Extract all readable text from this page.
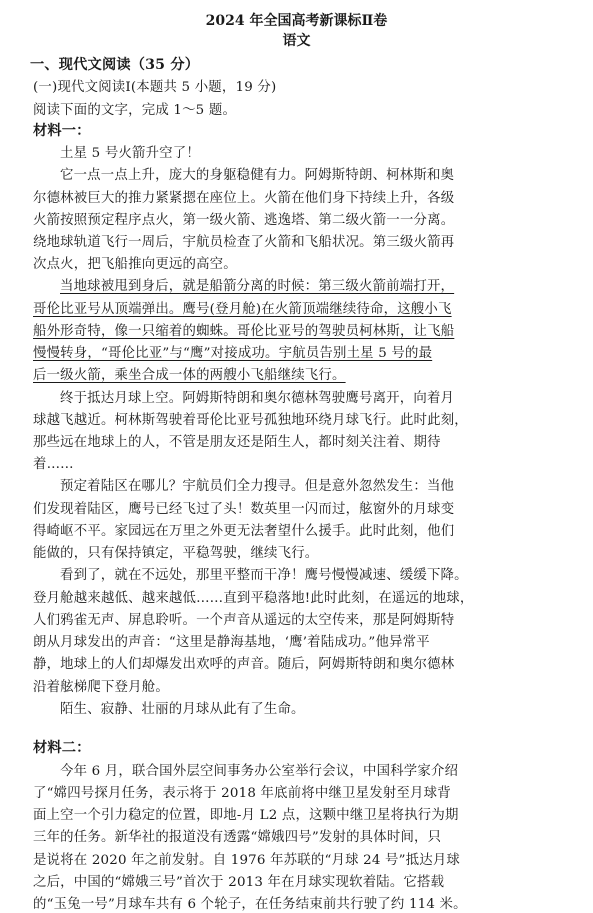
2024 年全国高考新课标Ⅱ卷
语文
一、现代文阅读（35 分）
(一)现代文阅读Ⅰ(本题共 5 小题，19 分)
阅读下面的文字，完成 1～5 题。
材料一：
土星 5 号火箭升空了！
它一点一点上升，庞大的身躯稳健有力。阿姆斯特朗、柯林斯和奥
尔德林被巨大的推力紧紧摁在座位上。火箭在他们身下持续上升，各级
火箭按照预定程序点火，第一级火箭、逃逸塔、第二级火箭一一分离。
绕地球轨道飞行一周后，宇航员检查了火箭和飞船状况。第三级火箭再
次点火，把飞船推向更远的高空。
当地球被甩到身后，就是船箭分离的时候：第三级火箭前端打开，
哥伦比亚号从顶端弹出。鹰号(登月舱)在火箭顶端继续待命，这艘小飞
船外形奇特，像一只缩着的蜘蛛。哥伦比亚号的驾驶员柯林斯，让飞船
慢慢转身，“哥伦比亚”与“鹰”对接成功。宇航员告别土星 5 号的最
后一级火箭，乘坐合成一体的两艘小飞船继续飞行。
终于抵达月球上空。阿姆斯特朗和奥尔德林驾驶鹰号离开，向着月
球越飞越近。柯林斯驾驶着哥伦比亚号孤独地环绕月球飞行。此时此刻，
那些远在地球上的人，不管是朋友还是陌生人，都时刻关注着、期待
着……
预定着陆区在哪儿？宇航员们全力搜寻。但是意外忽然发生：当他
们发现着陆区，鹰号已经飞过了头！数英里一闪而过，舷窗外的月球变
得崎岖不平。家园远在万里之外更无法奢望什么援手。此时此刻，他们
能做的，只有保持镇定，平稳驾驶，继续飞行。
看到了，就在不远处，那里平整而干净！鹰号慢慢减速、缓缓下降。
登月舱越来越低、越来越低……直到平稳落地!此时此刻，在遥远的地球，
人们鸦雀无声、屏息聆听。一个声音从遥远的太空传来，那是阿姆斯特
朗从月球发出的声音：“这里是静海基地，‘鹰’着陆成功。”他异常平
静，地球上的人们却爆发出欢呼的声音。随后，阿姆斯特朗和奥尔德林
沿着舷梯爬下登月舱。
陌生、寂静、壮丽的月球从此有了生命。
材料二：
今年 6 月，联合国外层空间事务办公室举行会议，中国科学家介绍
了“嫦四号探月任务，表示将于 2018 年底前将中继卫星发射至月球背
面上空一个引力稳定的位置，即地-月 L2 点，这颗中继卫星将执行为期
三年的任务。新华社的报道没有透露“嫦娥四号”发射的具体时间，只
是说将在 2020 年之前发射。自 1976 年苏联的“月球 24 号”抵达月球
之后，中国的“嫦娥三号”首次于 2013 年在月球实现软着陆。它搭载
的“玉兔一号”月球车共有 6 个轮子，在任务结束前共行驶了约 114 米。
